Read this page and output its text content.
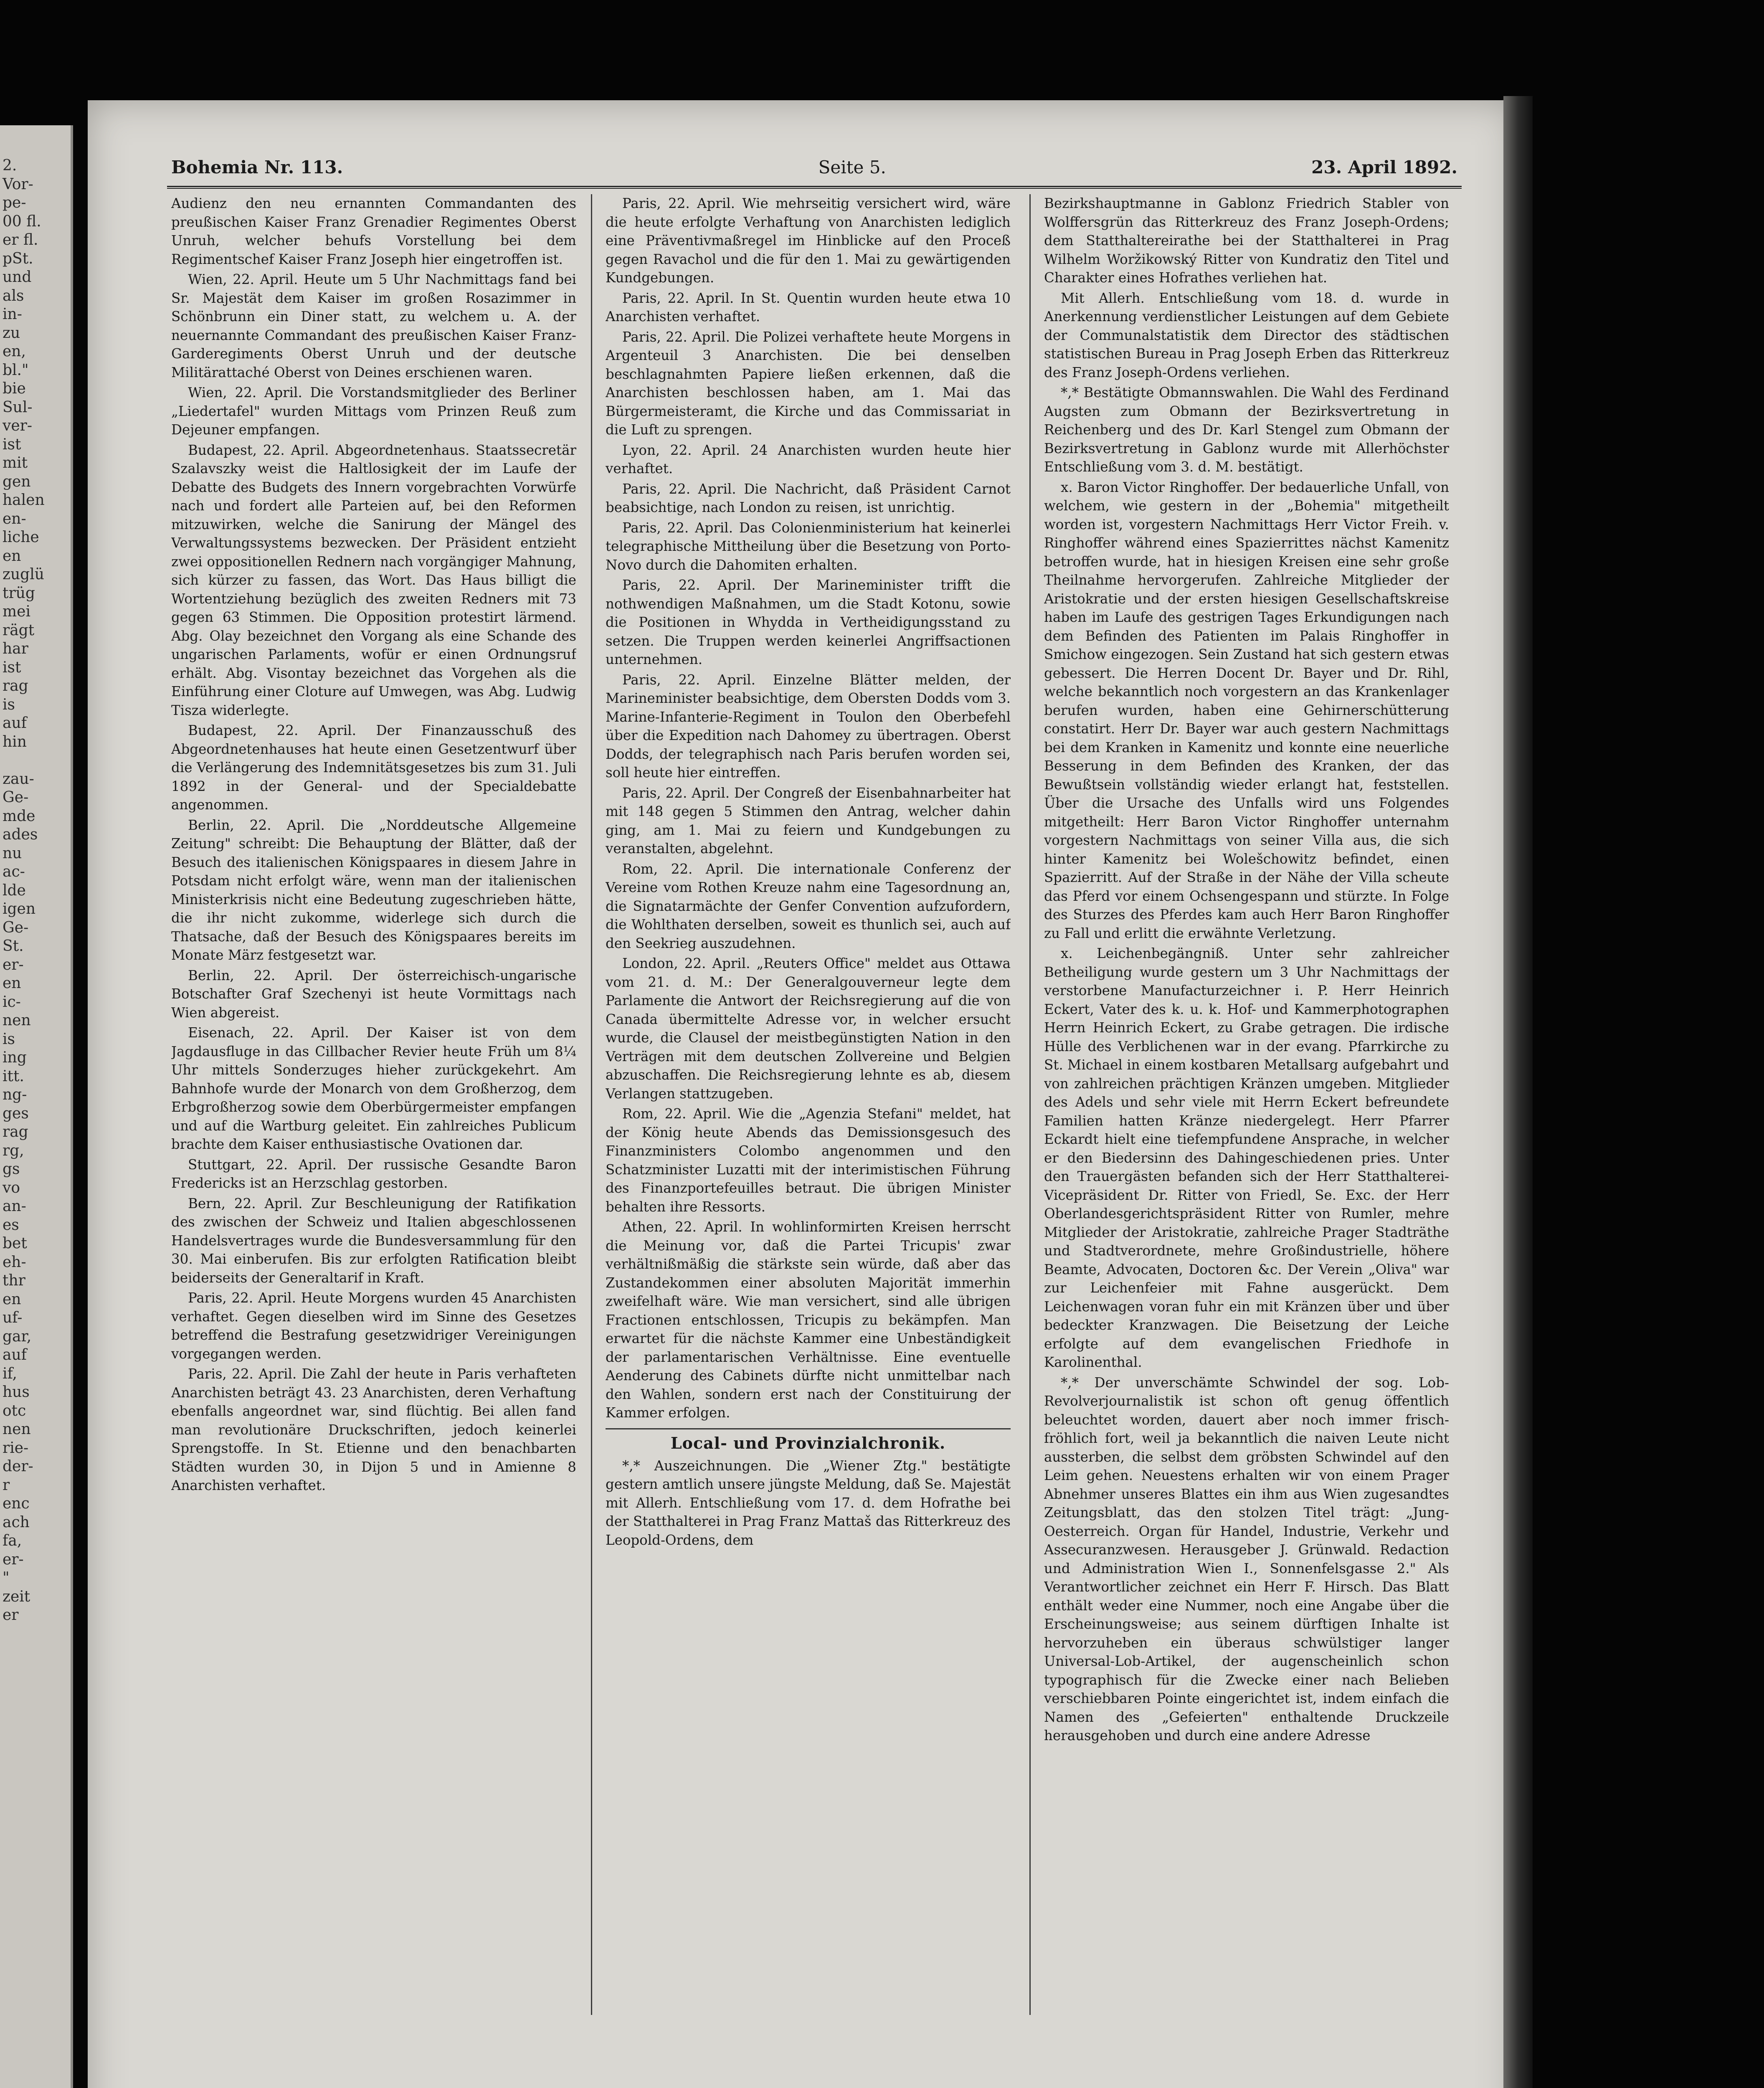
2.
Vor-
pe-
00 fl.
er fl.
pSt.
und
als
in-
zu
en,
bl."
bie
Sul-
ver-
ist
mit
gen
halen
en-
liche
en
zuglü
trüg
mei
rägt
har
ist
rag
is
auf
hin

zau-
Ge-
mde
ades
nu
ac-
lde
igen
Ge-
St.
er-
en
ic-
nen
is
ing
itt.
ng-
ges
rag
rg,
gs
vo
an-
es
bet
eh-
thr
en
uf-
gar,
auf
if,
hus
otc
nen
rie-
der-
r
enc
ach
fa,
er-
"
zeit
er
Bohemia Nr. 113.	Seite 5.	23. April 1892.

Audienz den neu ernannten Commandanten des preußischen Kaiser Franz Grenadier Regimentes Oberst Unruh, welcher behufs Vorstellung bei dem Regimentschef Kaiser Franz Joseph hier eingetroffen ist.

Wien, 22. April. Heute um 5 Uhr Nachmittags fand bei Sr. Majestät dem Kaiser im großen Rosazimmer in Schönbrunn ein Diner statt, zu welchem u. A. der neuernannte Commandant des preußischen Kaiser Franz-Garderegiments Oberst Unruh und der deutsche Militärattaché Oberst von Deines erschienen waren.

Wien, 22. April. Die Vorstandsmitglieder des Berliner „Liedertafel" wurden Mittags vom Prinzen Reuß zum Dejeuner empfangen.

Budapest, 22. April. Abgeordnetenhaus. Staatssecretär Szalavszky weist die Haltlosigkeit der im Laufe der Debatte des Budgets des Innern vorgebrachten Vorwürfe nach und fordert alle Parteien auf, bei den Reformen mitzuwirken, welche die Sanirung der Mängel des Verwaltungssystems bezwecken. Der Präsident entzieht zwei oppositionellen Rednern nach vorgängiger Mahnung, sich kürzer zu fassen, das Wort. Das Haus billigt die Wortentziehung bezüglich des zweiten Redners mit 73 gegen 63 Stimmen. Die Opposition protestirt lärmend. Abg. Olay bezeichnet den Vorgang als eine Schande des ungarischen Parlaments, wofür er einen Ordnungsruf erhält. Abg. Visontay bezeichnet das Vorgehen als die Einführung einer Cloture auf Umwegen, was Abg. Ludwig Tisza widerlegte.

Budapest, 22. April. Der Finanzausschuß des Abgeordnetenhauses hat heute einen Gesetzentwurf über die Verlängerung des Indemnitätsgesetzes bis zum 31. Juli 1892 in der General- und der Specialdebatte angenommen.

Berlin, 22. April. Die „Norddeutsche Allgemeine Zeitung" schreibt: Die Behauptung der Blätter, daß der Besuch des italienischen Königspaares in diesem Jahre in Potsdam nicht erfolgt wäre, wenn man der italienischen Ministerkrisis nicht eine Bedeutung zugeschrieben hätte, die ihr nicht zukomme, widerlege sich durch die Thatsache, daß der Besuch des Königspaares bereits im Monate März festgesetzt war.

Berlin, 22. April. Der österreichisch-ungarische Botschafter Graf Szechenyi ist heute Vormittags nach Wien abgereist.

Eisenach, 22. April. Der Kaiser ist von dem Jagdausfluge in das Cillbacher Revier heute Früh um 8¼ Uhr mittels Sonderzuges hieher zurückgekehrt. Am Bahnhofe wurde der Monarch von dem Großherzog, dem Erbgroßherzog sowie dem Oberbürgermeister empfangen und auf die Wartburg geleitet. Ein zahlreiches Publicum brachte dem Kaiser enthusiastische Ovationen dar.

Stuttgart, 22. April. Der russische Gesandte Baron Fredericks ist an Herzschlag gestorben.

Bern, 22. April. Zur Beschleunigung der Ratifikation des zwischen der Schweiz und Italien abgeschlossenen Handelsvertrages wurde die Bundesversammlung für den 30. Mai einberufen. Bis zur erfolgten Ratification bleibt beiderseits der Generaltarif in Kraft.

Paris, 22. April. Heute Morgens wurden 45 Anarchisten verhaftet. Gegen dieselben wird im Sinne des Gesetzes betreffend die Bestrafung gesetzwidriger Vereinigungen vorgegangen werden.

Paris, 22. April. Die Zahl der heute in Paris verhafteten Anarchisten beträgt 43. 23 Anarchisten, deren Verhaftung ebenfalls angeordnet war, sind flüchtig. Bei allen fand man revolutionäre Druckschriften, jedoch keinerlei Sprengstoffe. In St. Etienne und den benachbarten Städten wurden 30, in Dijon 5 und in Amienne 8 Anarchisten verhaftet.

Paris, 22. April. Wie mehrseitig versichert wird, wäre die heute erfolgte Verhaftung von Anarchisten lediglich eine Präventivmaßregel im Hinblicke auf den Proceß gegen Ravachol und die für den 1. Mai zu gewärtigenden Kundgebungen.

Paris, 22. April. In St. Quentin wurden heute etwa 10 Anarchisten verhaftet.

Paris, 22. April. Die Polizei verhaftete heute Morgens in Argenteuil 3 Anarchisten. Die bei denselben beschlagnahmten Papiere ließen erkennen, daß die Anarchisten beschlossen haben, am 1. Mai das Bürgermeisteramt, die Kirche und das Commissariat in die Luft zu sprengen.

Lyon, 22. April. 24 Anarchisten wurden heute hier verhaftet.

Paris, 22. April. Die Nachricht, daß Präsident Carnot beabsichtige, nach London zu reisen, ist unrichtig.

Paris, 22. April. Das Colonienministerium hat keinerlei telegraphische Mittheilung über die Besetzung von Porto-Novo durch die Dahomiten erhalten.

Paris, 22. April. Der Marineminister trifft die nothwendigen Maßnahmen, um die Stadt Kotonu, sowie die Positionen in Whydda in Vertheidigungsstand zu setzen. Die Truppen werden keinerlei Angriffsactionen unternehmen.

Paris, 22. April. Einzelne Blätter melden, der Marineminister beabsichtige, dem Obersten Dodds vom 3. Marine-Infanterie-Regiment in Toulon den Oberbefehl über die Expedition nach Dahomey zu übertragen. Oberst Dodds, der telegraphisch nach Paris berufen worden sei, soll heute hier eintreffen.

Paris, 22. April. Der Congreß der Eisenbahnarbeiter hat mit 148 gegen 5 Stimmen den Antrag, welcher dahin ging, am 1. Mai zu feiern und Kundgebungen zu veranstalten, abgelehnt.

Rom, 22. April. Die internationale Conferenz der Vereine vom Rothen Kreuze nahm eine Tagesordnung an, die Signatarmächte der Genfer Convention aufzufordern, die Wohlthaten derselben, soweit es thunlich sei, auch auf den Seekrieg auszudehnen.

London, 22. April. „Reuters Office" meldet aus Ottawa vom 21. d. M.: Der Generalgouverneur legte dem Parlamente die Antwort der Reichsregierung auf die von Canada übermittelte Adresse vor, in welcher ersucht wurde, die Clausel der meistbegünstigten Nation in den Verträgen mit dem deutschen Zollvereine und Belgien abzuschaffen. Die Reichsregierung lehnte es ab, diesem Verlangen stattzugeben.

Rom, 22. April. Wie die „Agenzia Stefani" meldet, hat der König heute Abends das Demissionsgesuch des Finanzministers Colombo angenommen und den Schatzminister Luzatti mit der interimistischen Führung des Finanzportefeuilles betraut. Die übrigen Minister behalten ihre Ressorts.

Athen, 22. April. In wohlinformirten Kreisen herrscht die Meinung vor, daß die Partei Tricupis' zwar verhältnißmäßig die stärkste sein würde, daß aber das Zustandekommen einer absoluten Majorität immerhin zweifelhaft wäre. Wie man versichert, sind alle übrigen Fractionen entschlossen, Tricupis zu bekämpfen. Man erwartet für die nächste Kammer eine Unbeständigkeit der parlamentarischen Verhältnisse. Eine eventuelle Aenderung des Cabinets dürfte nicht unmittelbar nach den Wahlen, sondern erst nach der Constituirung der Kammer erfolgen.

Local- und Provinzialchronik.

*,* Auszeichnungen. Die „Wiener Ztg." bestätigte gestern amtlich unsere jüngste Meldung, daß Se. Majestät mit Allerh. Entschließung vom 17. d. dem Hofrathe bei der Statthalterei in Prag Franz Mattaš das Ritterkreuz des Leopold-Ordens, dem

Bezirkshauptmanne in Gablonz Friedrich Stabler von Wolffersgrün das Ritterkreuz des Franz Joseph-Ordens; dem Statthaltereirathe bei der Statthalterei in Prag Wilhelm Woržikowský Ritter von Kundratiz den Titel und Charakter eines Hofrathes verliehen hat.

Mit Allerh. Entschließung vom 18. d. wurde in Anerkennung verdienstlicher Leistungen auf dem Gebiete der Communalstatistik dem Director des städtischen statistischen Bureau in Prag Joseph Erben das Ritterkreuz des Franz Joseph-Ordens verliehen.

*,* Bestätigte Obmannswahlen. Die Wahl des Ferdinand Augsten zum Obmann der Bezirksvertretung in Reichenberg und des Dr. Karl Stengel zum Obmann der Bezirksvertretung in Gablonz wurde mit Allerhöchster Entschließung vom 3. d. M. bestätigt.

x. Baron Victor Ringhoffer. Der bedauerliche Unfall, von welchem, wie gestern in der „Bohemia" mitgetheilt worden ist, vorgestern Nachmittags Herr Victor Freih. v. Ringhoffer während eines Spazierrittes nächst Kamenitz betroffen wurde, hat in hiesigen Kreisen eine sehr große Theilnahme hervorgerufen. Zahlreiche Mitglieder der Aristokratie und der ersten hiesigen Gesellschaftskreise haben im Laufe des gestrigen Tages Erkundigungen nach dem Befinden des Patienten im Palais Ringhoffer in Smichow eingezogen. Sein Zustand hat sich gestern etwas gebessert. Die Herren Docent Dr. Bayer und Dr. Rihl, welche bekanntlich noch vorgestern an das Krankenlager berufen wurden, haben eine Gehirnerschütterung constatirt. Herr Dr. Bayer war auch gestern Nachmittags bei dem Kranken in Kamenitz und konnte eine neuerliche Besserung in dem Befinden des Kranken, der das Bewußtsein vollständig wieder erlangt hat, feststellen. Über die Ursache des Unfalls wird uns Folgendes mitgetheilt: Herr Baron Victor Ringhoffer unternahm vorgestern Nachmittags von seiner Villa aus, die sich hinter Kamenitz bei Wolešchowitz befindet, einen Spazierritt. Auf der Straße in der Nähe der Villa scheute das Pferd vor einem Ochsengespann und stürzte. In Folge des Sturzes des Pferdes kam auch Herr Baron Ringhoffer zu Fall und erlitt die erwähnte Verletzung.

x. Leichenbegängniß. Unter sehr zahlreicher Betheiligung wurde gestern um 3 Uhr Nachmittags der verstorbene Manufacturzeichner i. P. Herr Heinrich Eckert, Vater des k. u. k. Hof- und Kammerphotographen Herrn Heinrich Eckert, zu Grabe getragen. Die irdische Hülle des Verblichenen war in der evang. Pfarrkirche zu St. Michael in einem kostbaren Metallsarg aufgebahrt und von zahlreichen prächtigen Kränzen umgeben. Mitglieder des Adels und sehr viele mit Herrn Eckert befreundete Familien hatten Kränze niedergelegt. Herr Pfarrer Eckardt hielt eine tiefempfundene Ansprache, in welcher er den Biedersinn des Dahingeschiedenen pries. Unter den Trauergästen befanden sich der Herr Statthalterei-Vicepräsident Dr. Ritter von Friedl, Se. Exc. der Herr Oberlandesgerichtspräsident Ritter von Rumler, mehre Mitglieder der Aristokratie, zahlreiche Prager Stadträthe und Stadtverordnete, mehre Großindustrielle, höhere Beamte, Advocaten, Doctoren &c. Der Verein „Oliva" war zur Leichenfeier mit Fahne ausgerückt. Dem Leichenwagen voran fuhr ein mit Kränzen über und über bedeckter Kranzwagen. Die Beisetzung der Leiche erfolgte auf dem evangelischen Friedhofe in Karolinenthal.

*,* Der unverschämte Schwindel der sog. Lob-Revolverjournalistik ist schon oft genug öffentlich beleuchtet worden, dauert aber noch immer frisch-fröhlich fort, weil ja bekanntlich die naiven Leute nicht aussterben, die selbst dem gröbsten Schwindel auf den Leim gehen. Neuestens erhalten wir von einem Prager Abnehmer unseres Blattes ein ihm aus Wien zugesandtes Zeitungsblatt, das den stolzen Titel trägt: „Jung-Oesterreich. Organ für Handel, Industrie, Verkehr und Assecuranzwesen. Herausgeber J. Grünwald. Redaction und Administration Wien I., Sonnenfelsgasse 2." Als Verantwortlicher zeichnet ein Herr F. Hirsch. Das Blatt enthält weder eine Nummer, noch eine Angabe über die Erscheinungsweise; aus seinem dürftigen Inhalte ist hervorzuheben ein überaus schwülstiger langer Universal-Lob-Artikel, der augenscheinlich schon typographisch für die Zwecke einer nach Belieben verschiebbaren Pointe eingerichtet ist, indem einfach die Namen des „Gefeierten" enthaltende Druckzeile herausgehoben und durch eine andere Adresse
